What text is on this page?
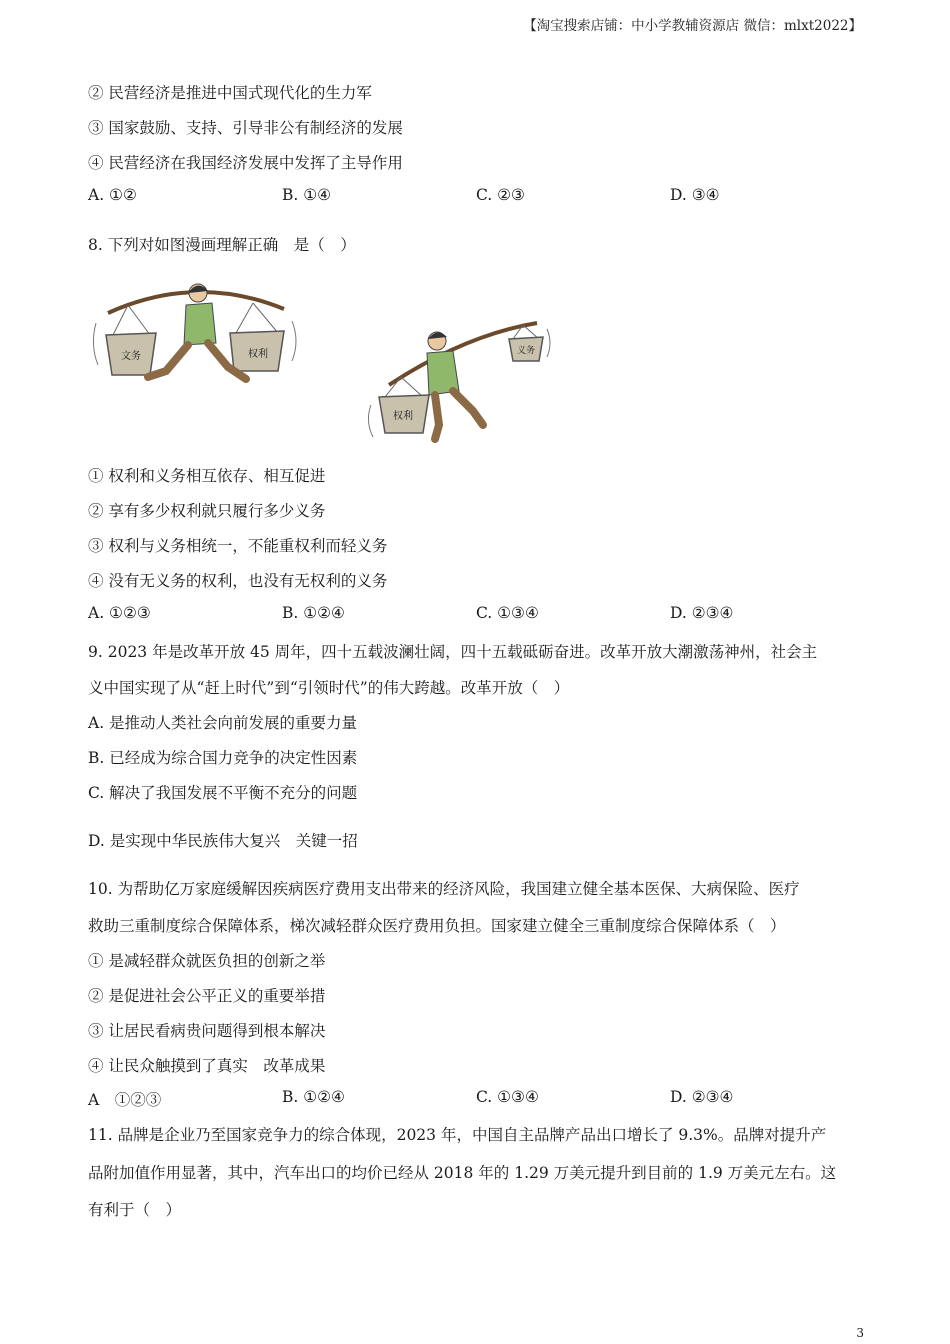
【淘宝搜索店铺：中小学教辅资源店 微信：mlxt2022】
② 民营经济是推进中国式现代化的生力军
③ 国家鼓励、支持、引导非公有制经济的发展
④ 民营经济在我国经济发展中发挥了主导作用
A. ①②	B. ①④	C. ②③	D. ③④
8. 下列对如图漫画理解正确　是（　）
文务	权利
权利
义务
① 权利和义务相互依存、相互促进
② 享有多少权利就只履行多少义务
③ 权利与义务相统一，不能重权利而轻义务
④ 没有无义务的权利，也没有无权利的义务
A. ①②③	B. ①②④	C. ①③④	D. ②③④
9. 2023 年是改革开放 45 周年，四十五载波澜壮阔，四十五载砥砺奋进。改革开放大潮激荡神州，社会主
义中国实现了从“赶上时代”到“引领时代”的伟大跨越。改革开放（　）
A. 是推动人类社会向前发展的重要力量
B. 已经成为综合国力竞争的决定性因素
C. 解决了我国发展不平衡不充分的问题
D. 是实现中华民族伟大复兴　关键一招
10. 为帮助亿万家庭缓解因疾病医疗费用支出带来的经济风险，我国建立健全基本医保、大病保险、医疗
救助三重制度综合保障体系，梯次减轻群众医疗费用负担。国家建立健全三重制度综合保障体系（　）
① 是减轻群众就医负担的创新之举
② 是促进社会公平正义的重要举措
③ 让居民看病贵问题得到根本解决
④ 让民众触摸到了真实　改革成果
A　①②③	B. ①②④	C. ①③④	D. ②③④
11. 品牌是企业乃至国家竞争力的综合体现，2023 年，中国自主品牌产品出口增长了 9.3%。品牌对提升产
品附加值作用显著，其中，汽车出口的均价已经从 2018 年的 1.29 万美元提升到目前的 1.9 万美元左右。这
有利于（　）
3
